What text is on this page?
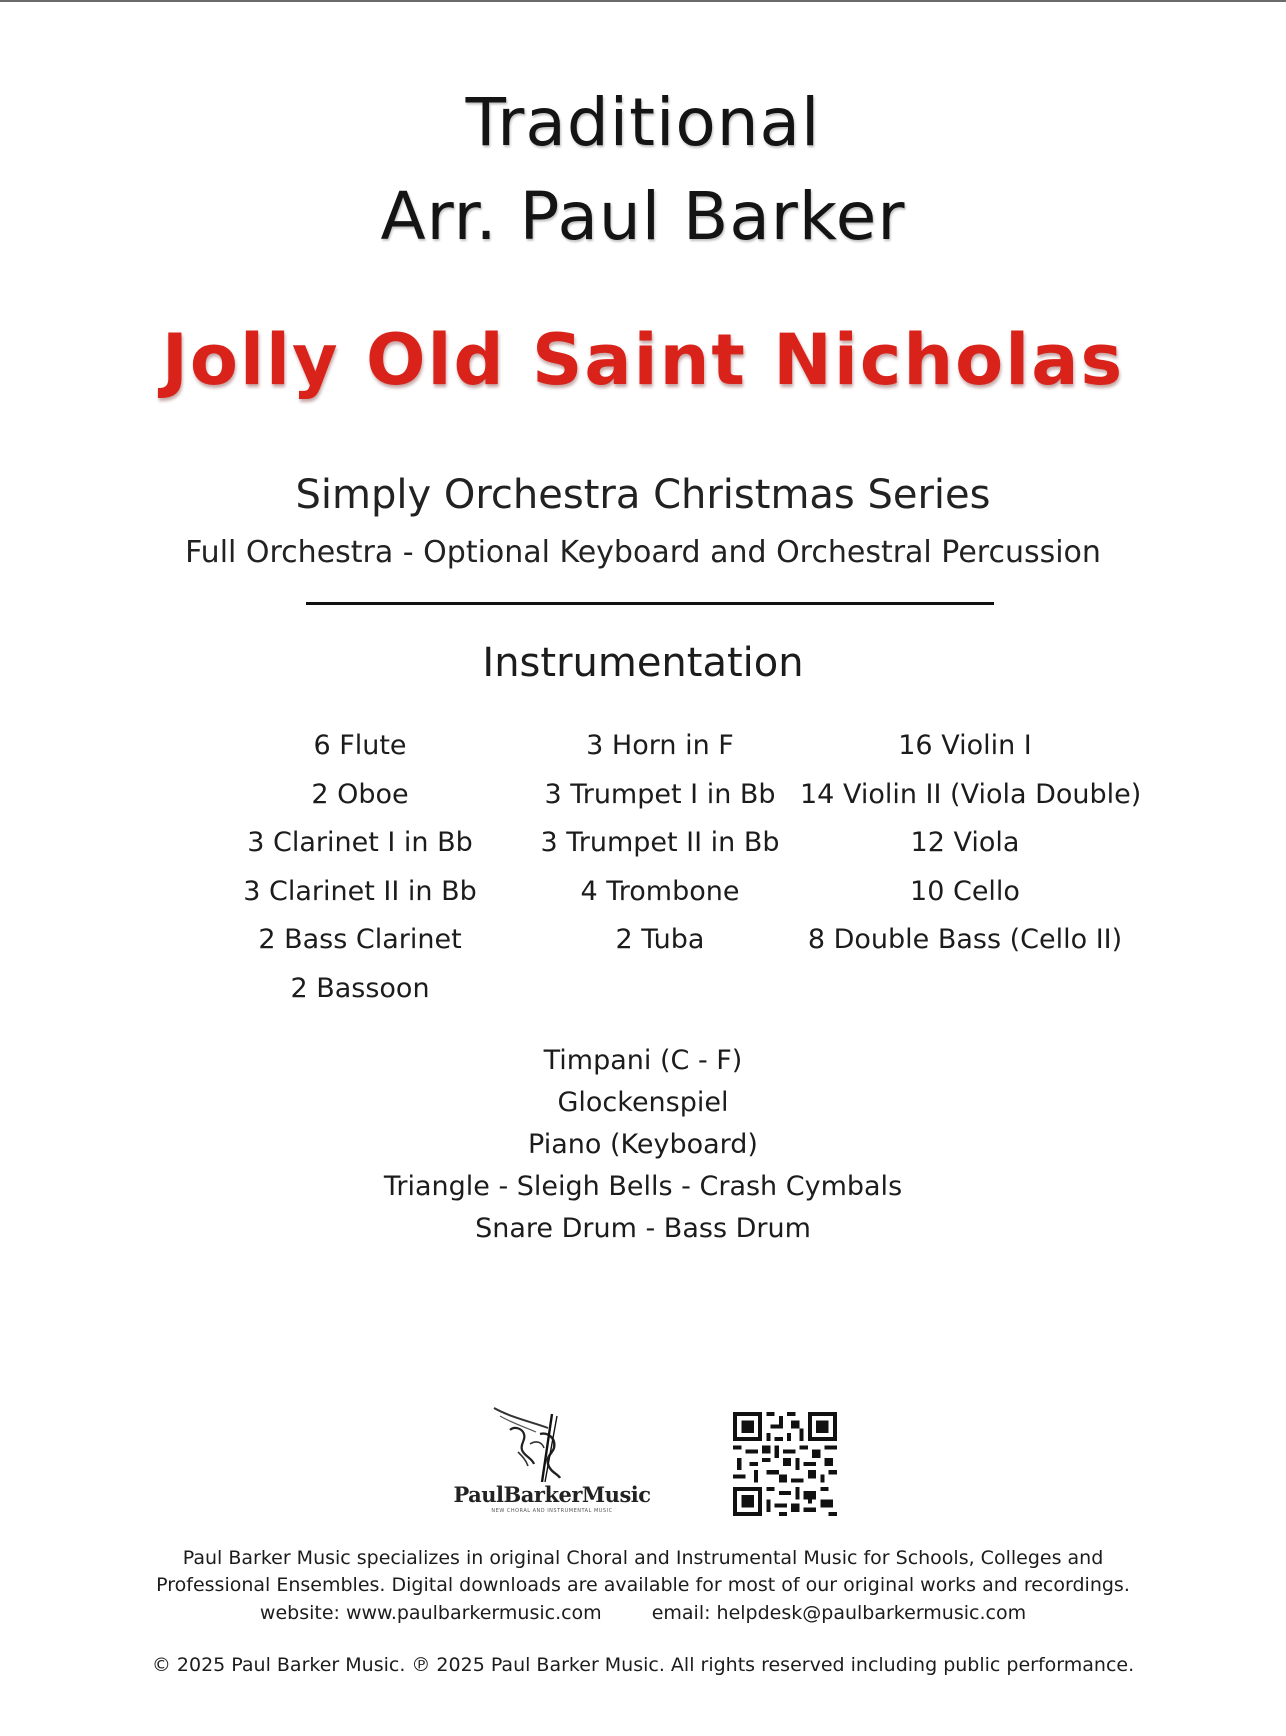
Traditional
Arr. Paul Barker
Jolly Old Saint Nicholas
Simply Orchestra Christmas Series
Full Orchestra - Optional Keyboard and Orchestral Percussion
Instrumentation
6 Flute
2 Oboe
3 Clarinet I in Bb
3 Clarinet II in Bb
2 Bass Clarinet
2 Bassoon
3 Horn in F
3 Trumpet I in Bb
3 Trumpet II in Bb
4 Trombone
2 Tuba
16 Violin I
14 Violin II (Viola Double)
12 Viola
10 Cello
8 Double Bass (Cello II)
Timpani (C - F)
Glockenspiel
Piano (Keyboard)
Triangle - Sleigh Bells - Crash Cymbals
Snare Drum - Bass Drum
PaulBarkerMusic
NEW CHORAL AND INSTRUMENTAL MUSIC
Paul Barker Music specializes in original Choral and Instrumental Music for Schools, Colleges and
Professional Ensembles. Digital downloads are available for most of our original works and recordings.
website: www.paulbarkermusic.com	email: helpdesk@paulbarkermusic.com
© 2025 Paul Barker Music. ℗ 2025 Paul Barker Music. All rights reserved including public performance.
